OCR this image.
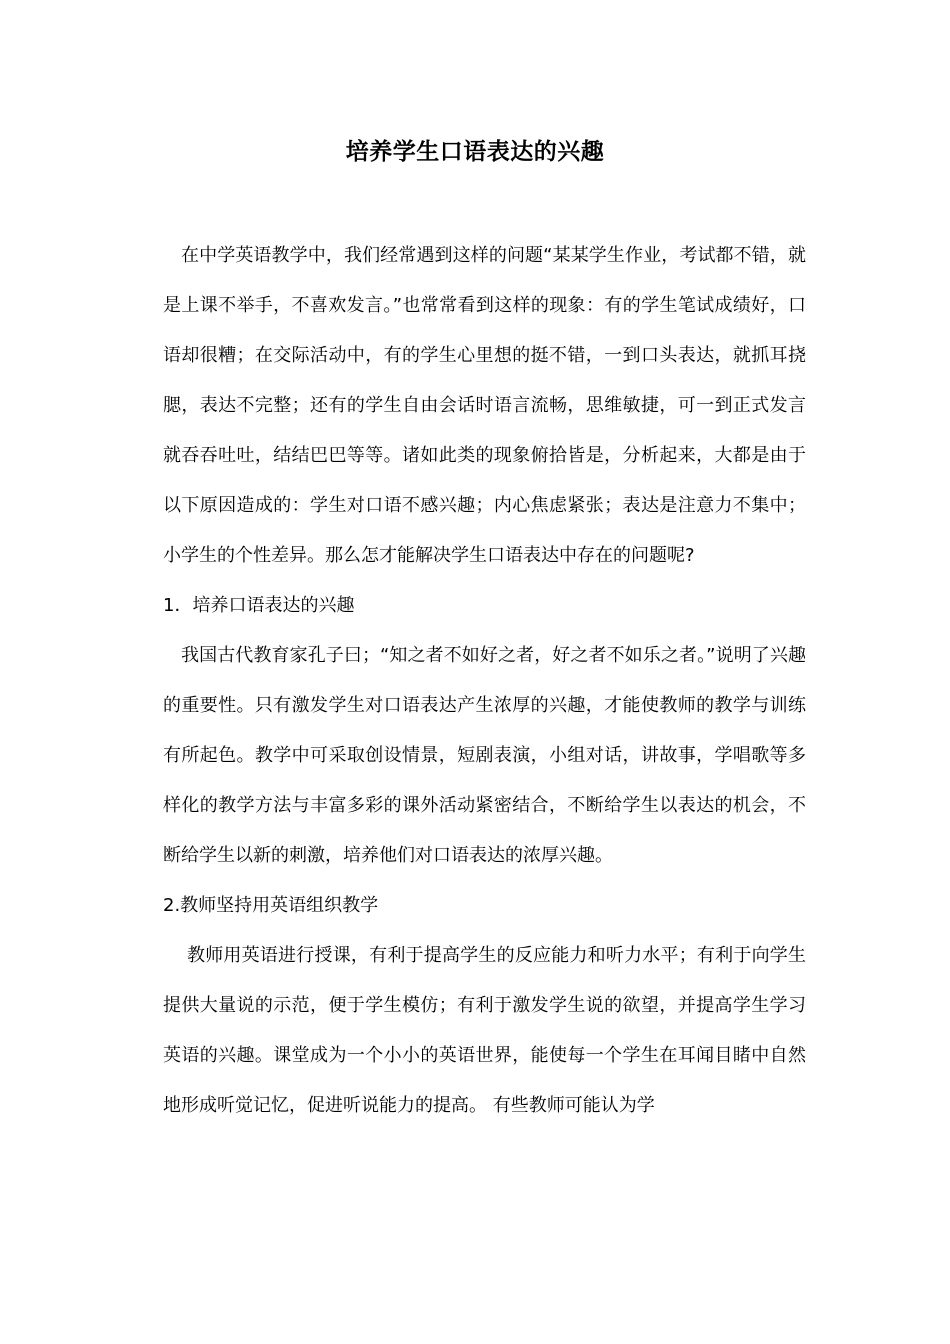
培养学生口语表达的兴趣

在中学英语教学中，我们经常遇到这样的问题“某某学生作业，考试都不错，就是上课不举手，不喜欢发言。”也常常看到这样的现象：有的学生笔试成绩好，口语却很糟；在交际活动中，有的学生心里想的挺不错，一到口头表达，就抓耳挠腮，表达不完整；还有的学生自由会话时语言流畅，思维敏捷，可一到正式发言就吞吞吐吐，结结巴巴等等。诸如此类的现象俯拾皆是，分析起来，大都是由于以下原因造成的：学生对口语不感兴趣；内心焦虑紧张；表达是注意力不集中；小学生的个性差异。那么怎才能解决学生口语表达中存在的问题呢?

1．培养口语表达的兴趣

我国古代教育家孔子曰；“知之者不如好之者，好之者不如乐之者。”说明了兴趣的重要性。只有激发学生对口语表达产生浓厚的兴趣，才能使教师的教学与训练有所起色。教学中可采取创设情景，短剧表演，小组对话，讲故事，学唱歌等多样化的教学方法与丰富多彩的课外活动紧密结合，不断给学生以表达的机会，不断给学生以新的刺激，培养他们对口语表达的浓厚兴趣。

2.教师坚持用英语组织教学

教师用英语进行授课，有利于提高学生的反应能力和听力水平；有利于向学生提供大量说的示范，便于学生模仿；有利于激发学生说的欲望，并提高学生学习英语的兴趣。课堂成为一个小小的英语世界，能使每一个学生在耳闻目睹中自然地形成听觉记忆，促进听说能力的提高。 有些教师可能认为学
